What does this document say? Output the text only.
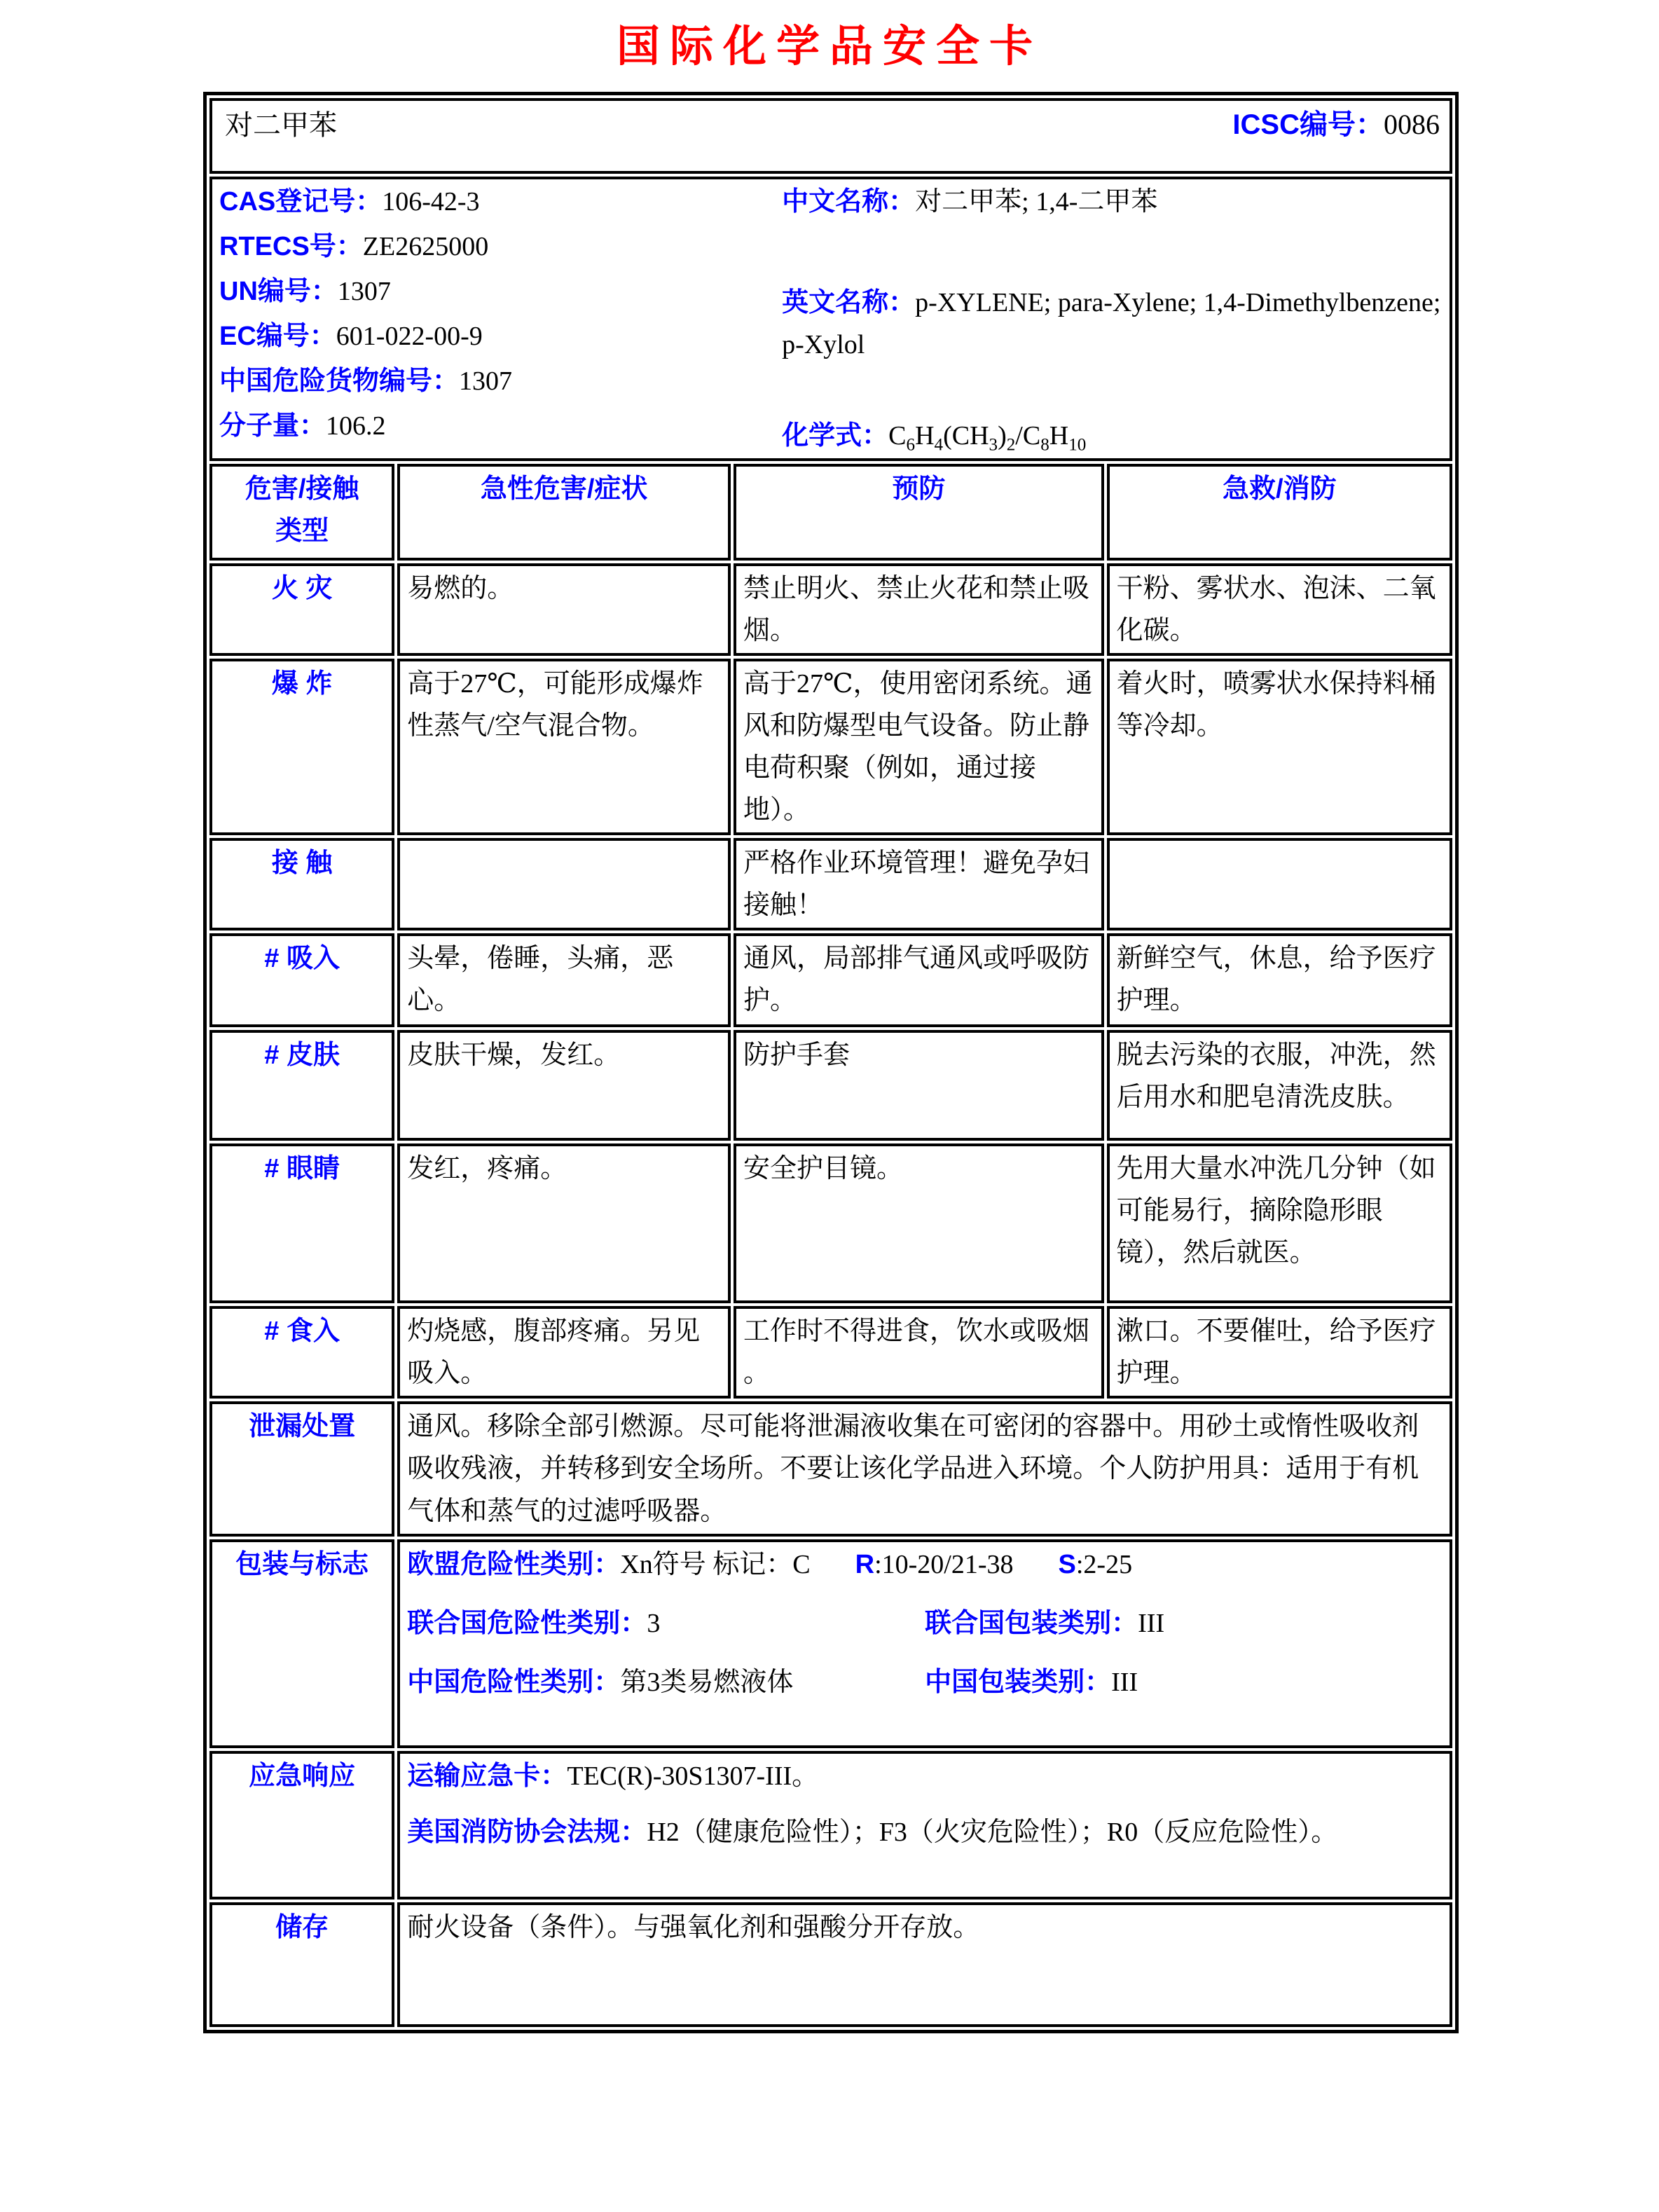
国际化学品安全卡
对二甲苯 ICSC编号：0086			

CAS登记号：106-42-3
RTECS号：ZE2625000
UN编号：1307
EC编号：601-022-00-9
中国危险货物编号：1307
分子量：106.2
中文名称：对二甲苯; 1,4-二甲苯
英文名称：p-XYLENE; para-Xylene; 1,4-Dimethylbenzene; p-Xylol
化学式：$C_6H_4(CH_3)_2/C_8H_{10}$

危害/接触
类型	急性危害/症状	预防	急救/消防
火 灾	易燃的。	禁止明火、禁止火花和禁止吸烟。	干粉、雾状水、泡沫、二氧化碳。
爆 炸	高于27℃，可能形成爆炸性蒸气/空气混合物。	高于27℃，使用密闭系统。通风和防爆型电气设备。防止静电荷积聚（例如，通过接地）。	着火时，喷雾状水保持料桶等冷却。
接 触		严格作业环境管理！避免孕妇接触！	
# 吸入	头晕，倦睡，头痛，恶心。	通风，局部排气通风或呼吸防护。	新鲜空气，休息，给予医疗护理。
# 皮肤	皮肤干燥，发红。	防护手套	脱去污染的衣服，冲洗，然后用水和肥皂清洗皮肤。
# 眼睛	发红，疼痛。	安全护目镜。	先用大量水冲洗几分钟（如可能易行，摘除隐形眼镜），然后就医。
# 食入	灼烧感，腹部疼痛。另见吸入。	工作时不得进食，饮水或吸烟 。	漱口。不要催吐，给予医疗护理。
泄漏处置	通风。移除全部引燃源。尽可能将泄漏液收集在可密闭的容器中。用砂土或惰性吸收剂吸收残液，并转移到安全场所。不要让该化学品进入环境。个人防护用具：适用于有机气体和蒸气的过滤呼吸器。		
包装与标志	欧盟危险性类别： Xn符号 标记：C R:10-20/21-38 S:2-25
联合国危险性类别：3	联合国包装类别：III
中国危险性类别：第3类易燃液体	中国包装类别：III

应急响应	运输应急卡：TEC(R)-30S1307-III。
美国消防协会法规：H2（健康危险性）；F3（火灾危险性）；R0（反应危险性）。		

储存	耐火设备（条件）。与强氧化剂和强酸分开存放。		
